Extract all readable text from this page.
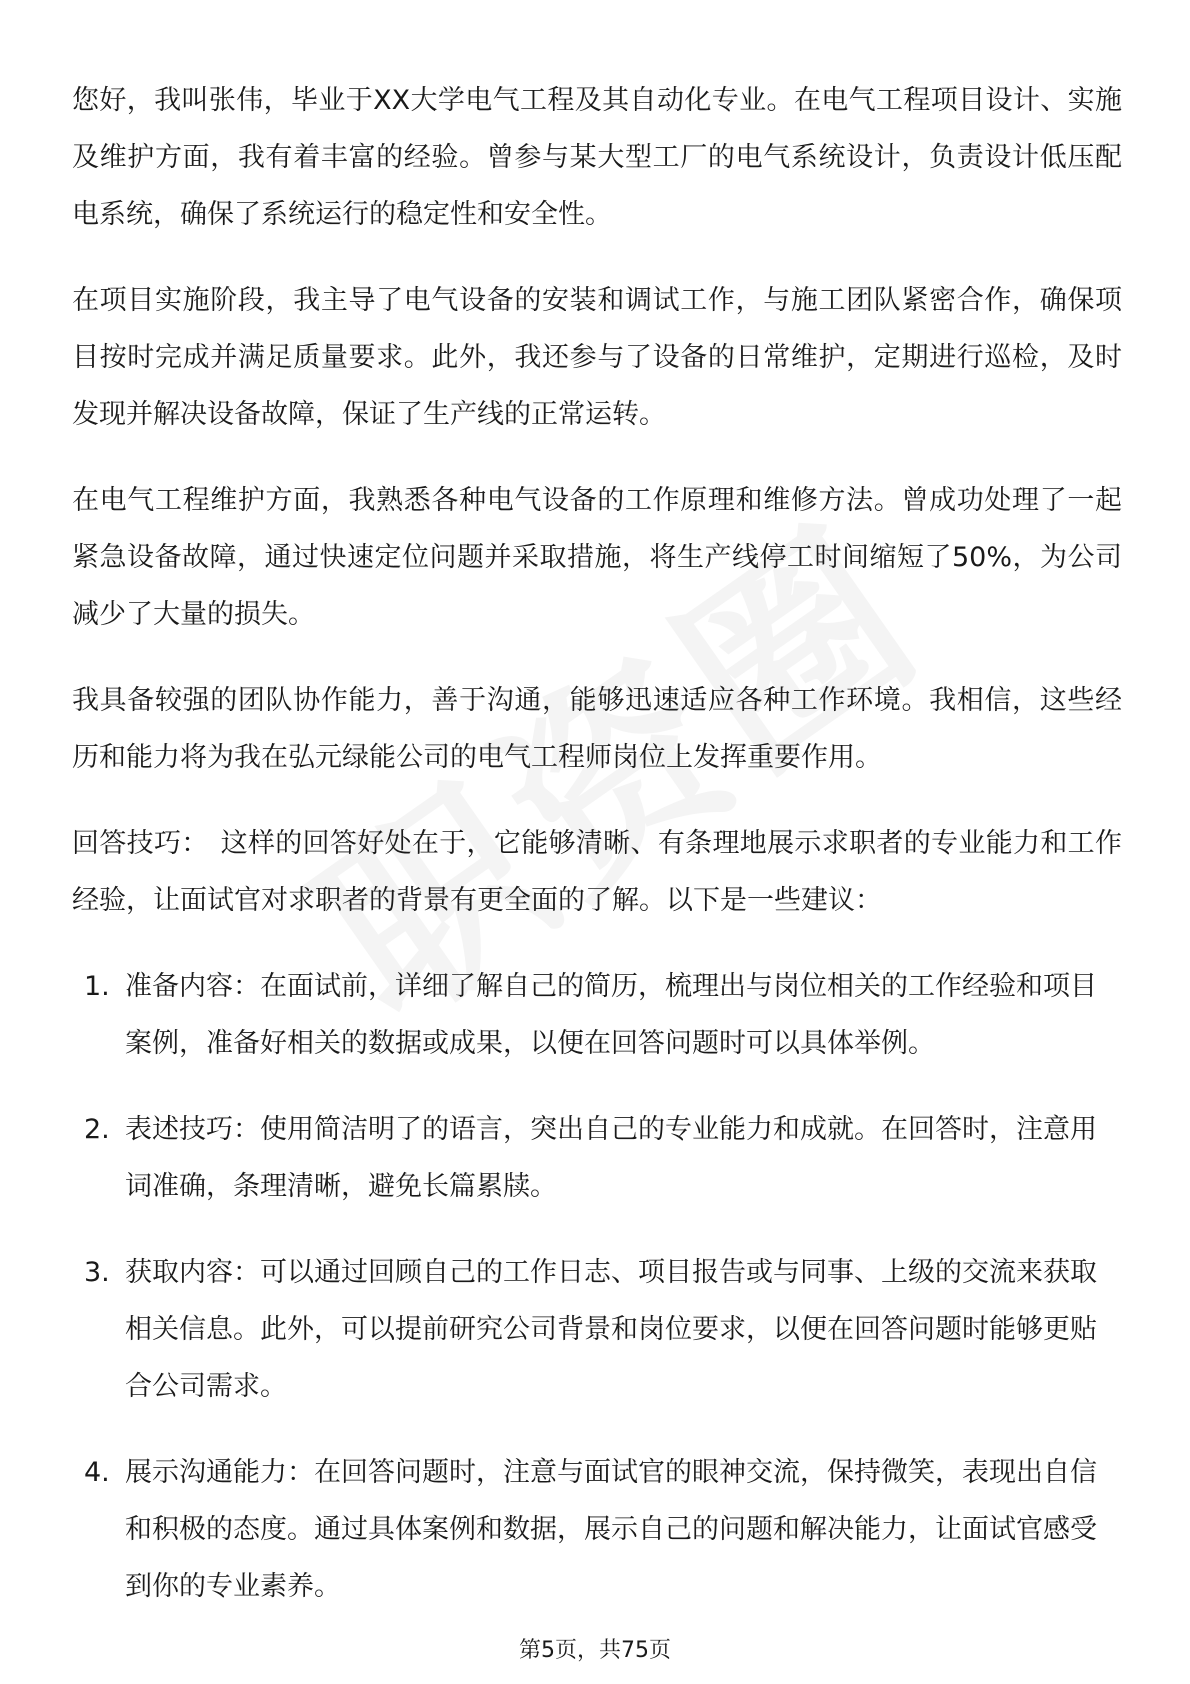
您好，我叫张伟，毕业于XX大学电气工程及其自动化专业。在电气工程项目设计、实施及维护方面，我有着丰富的经验。曾参与某大型工厂的电气系统设计，负责设计低压配电系统，确保了系统运行的稳定性和安全性。

在项目实施阶段，我主导了电气设备的安装和调试工作，与施工团队紧密合作，确保项目按时完成并满足质量要求。此外，我还参与了设备的日常维护，定期进行巡检，及时发现并解决设备故障，保证了生产线的正常运转。

在电气工程维护方面，我熟悉各种电气设备的工作原理和维修方法。曾成功处理了一起紧急设备故障，通过快速定位问题并采取措施，将生产线停工时间缩短了50%，为公司减少了大量的损失。

我具备较强的团队协作能力，善于沟通，能够迅速适应各种工作环境。我相信，这些经历和能力将为我在弘元绿能公司的电气工程师岗位上发挥重要作用。

回答技巧： 这样的回答好处在于，它能够清晰、有条理地展示求职者的专业能力和工作经验，让面试官对求职者的背景有更全面的了解。以下是一些建议：

1. 准备内容：在面试前，详细了解自己的简历，梳理出与岗位相关的工作经验和项目案例，准备好相关的数据或成果，以便在回答问题时可以具体举例。
2. 表述技巧：使用简洁明了的语言，突出自己的专业能力和成就。在回答时，注意用词准确，条理清晰，避免长篇累牍。
3. 获取内容：可以通过回顾自己的工作日志、项目报告或与同事、上级的交流来获取相关信息。此外，可以提前研究公司背景和岗位要求，以便在回答问题时能够更贴合公司需求。
4. 展示沟通能力：在回答问题时，注意与面试官的眼神交流，保持微笑，表现出自信和积极的态度。通过具体案例和数据，展示自己的问题和解决能力，让面试官感受到你的专业素养。
第5页，共75页
